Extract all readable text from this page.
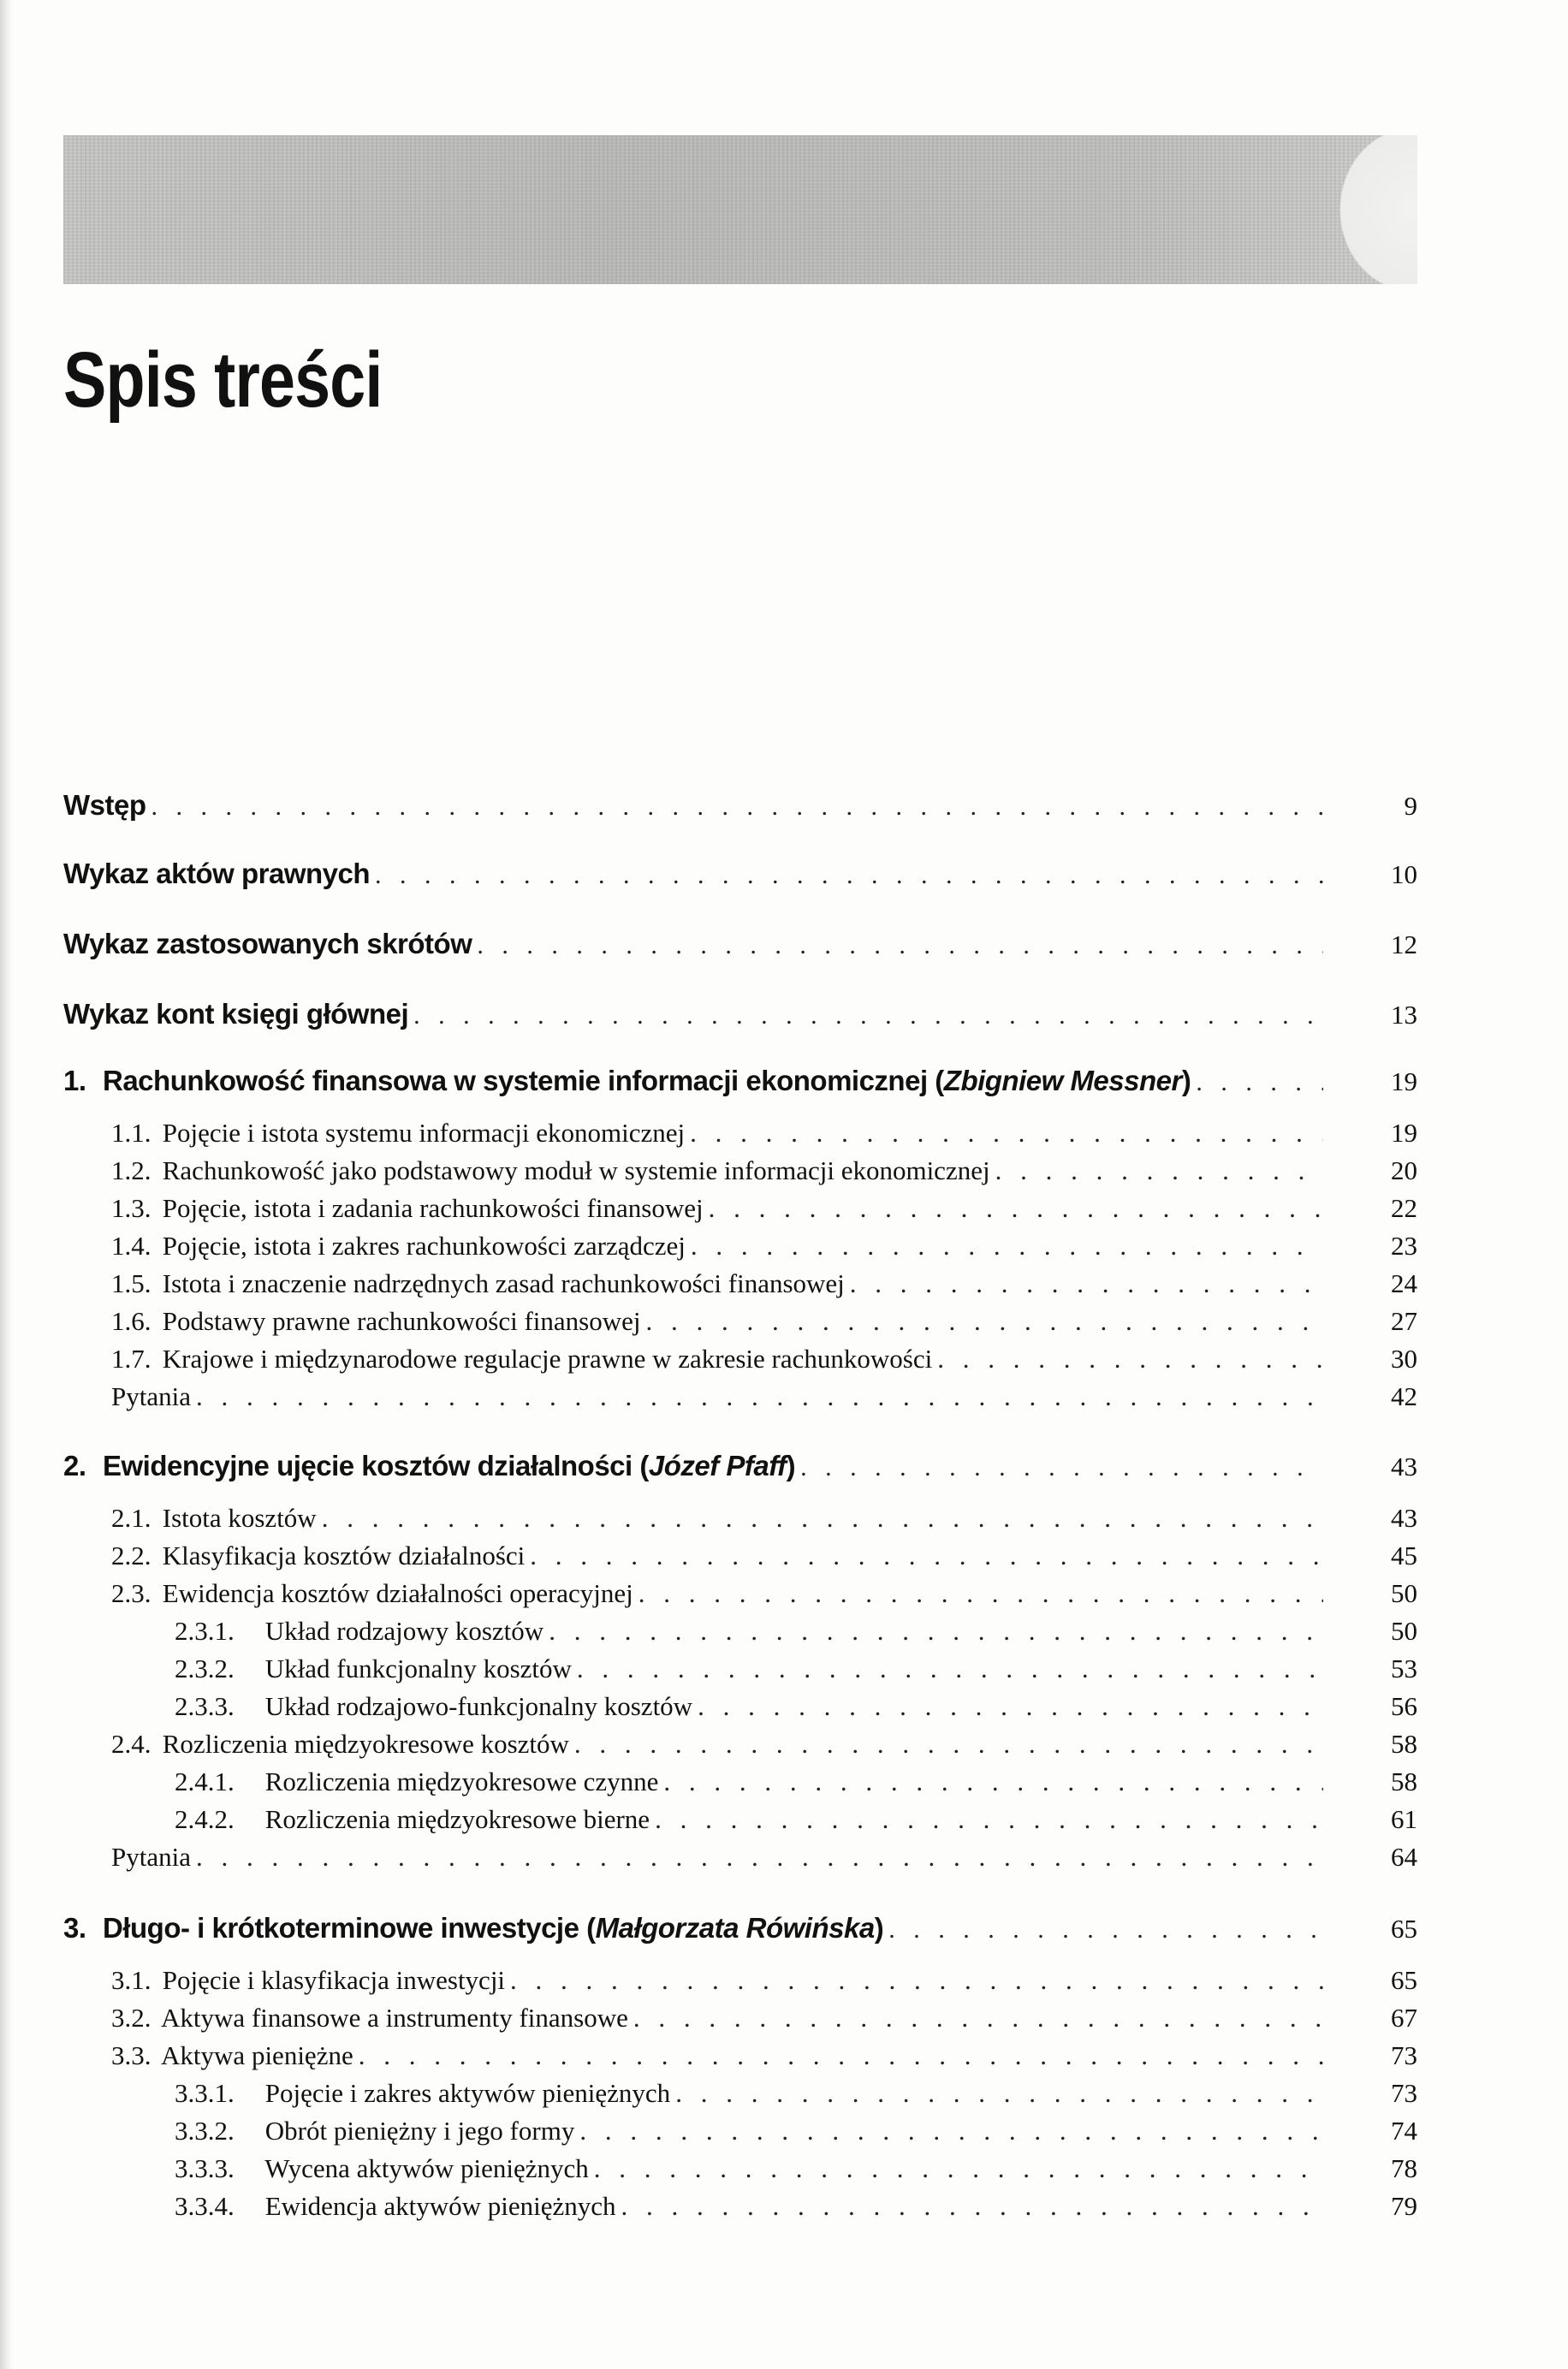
Spis treści
Wstęp . . .	9
Wykaz aktów prawnych . . .	10
Wykaz zastosowanych skrótów . . .	12
Wykaz kont księgi głównej . . .	13
1. Rachunkowość finansowa w systemie informacji ekonomicznej (Zbigniew Messner) . . .	19
1.1. Pojęcie i istota systemu informacji ekonomicznej . . .	19
1.2. Rachunkowość jako podstawowy moduł w systemie informacji ekonomicznej . . .	20
1.3. Pojęcie, istota i zadania rachunkowości finansowej . . .	22
1.4. Pojęcie, istota i zakres rachunkowości zarządczej . . .	23
1.5. Istota i znaczenie nadrzędnych zasad rachunkowości finansowej . . .	24
1.6. Podstawy prawne rachunkowości finansowej . . .	27
1.7. Krajowe i międzynarodowe regulacje prawne w zakresie rachunkowości . . .	30
Pytania . . .	42
2. Ewidencyjne ujęcie kosztów działalności (Józef Pfaff) . . .	43
2.1. Istota kosztów . . .	43
2.2. Klasyfikacja kosztów działalności . . .	45
2.3. Ewidencja kosztów działalności operacyjnej . . .	50
2.3.1. Układ rodzajowy kosztów . . .	50
2.3.2. Układ funkcjonalny kosztów . . .	53
2.3.3. Układ rodzajowo-funkcjonalny kosztów . . .	56
2.4. Rozliczenia międzyokresowe kosztów . . .	58
2.4.1. Rozliczenia międzyokresowe czynne . . .	58
2.4.2. Rozliczenia międzyokresowe bierne . . .	61
Pytania . . .	64
3. Długo- i krótkoterminowe inwestycje (Małgorzata Rówińska) . . .	65
3.1. Pojęcie i klasyfikacja inwestycji . . .	65
3.2. Aktywa finansowe a instrumenty finansowe . . .	67
3.3. Aktywa pieniężne . . .	73
3.3.1. Pojęcie i zakres aktywów pieniężnych . . .	73
3.3.2. Obrót pieniężny i jego formy . . .	74
3.3.3. Wycena aktywów pieniężnych . . .	78
3.3.4. Ewidencja aktywów pieniężnych . . .	79
